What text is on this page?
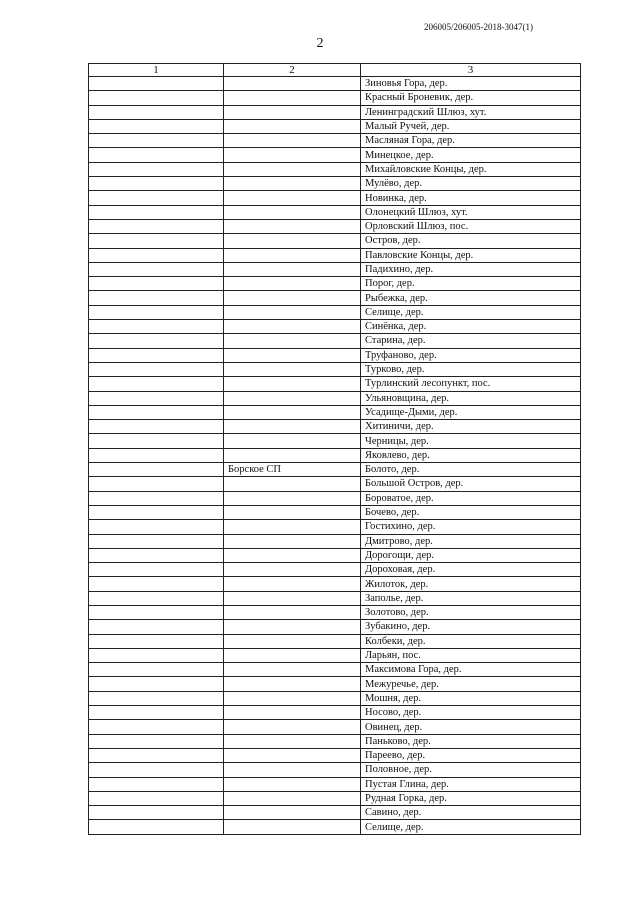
206005/206005-2018-3047(1)
2
1	2	3
		Зиновья Гора, дер.
		Красный Броневик, дер.
		Ленинградский Шлюз, хут.
		Малый Ручей, дер.
		Масляная Гора, дер.
		Минецкое, дер.
		Михайловские Концы, дер.
		Мулёво, дер.
		Новинка, дер.
		Олонецкий Шлюз, хут.
		Орловский Шлюз, пос.
		Остров, дер.
		Павловские Концы, дер.
		Падихино, дер.
		Порог, дер.
		Рыбежка, дер.
		Селище, дер.
		Синёнка, дер.
		Старина, дер.
		Труфаново, дер.
		Турково, дер.
		Турлинский лесопункт, пос.
		Ульяновщина, дер.
		Усадище-Дыми, дер.
		Хитиничи, дер.
		Черницы, дер.
		Яковлево, дер.
	Борское СП	Болото, дер.
		Большой Остров, дер.
		Бороватое, дер.
		Бочево, дер.
		Гостихино, дер.
		Дмитрово, дер.
		Дорогощи, дер.
		Дороховая, дер.
		Жилоток, дер.
		Заполье, дер.
		Золотово, дер.
		Зубакино, дер.
		Колбеки, дер.
		Ларьян, пос.
		Максимова Гора, дер.
		Межуречье, дер.
		Мошня, дер.
		Носово, дер.
		Овинец, дер.
		Паньково, дер.
		Пареево, дер.
		Половное, дер.
		Пустая Глина, дер.
		Рудная Горка, дер.
		Савино, дер.
		Селище, дер.
